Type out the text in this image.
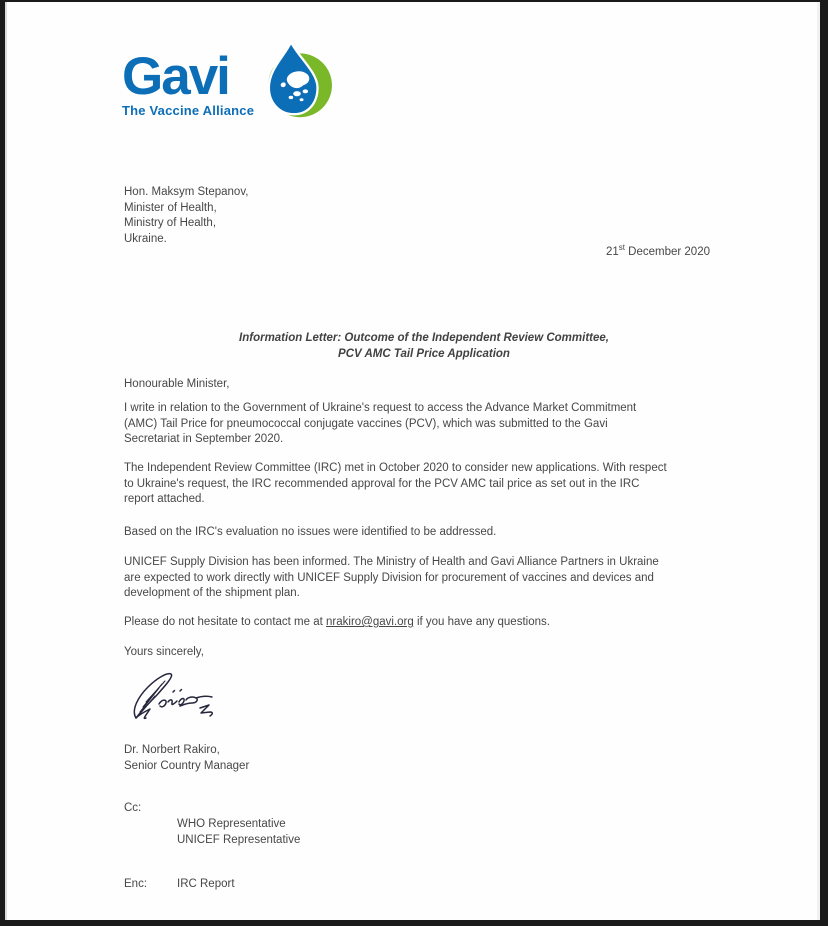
Gavi
The Vaccine Alliance
Hon. Maksym Stepanov,
Minister of Health,
Ministry of Health,
Ukraine.
21st December 2020
Information Letter: Outcome of the Independent Review Committee,
PCV AMC Tail Price Application
Honourable Minister,
I write in relation to the Government of Ukraine's request to access the Advance Market Commitment
(AMC) Tail Price for pneumococcal conjugate vaccines (PCV), which was submitted to the Gavi
Secretariat in September 2020.
The Independent Review Committee (IRC) met in October 2020 to consider new applications. With respect
to Ukraine's request, the IRC recommended approval for the PCV AMC tail price as set out in the IRC
report attached.
Based on the IRC's evaluation no issues were identified to be addressed.
UNICEF Supply Division has been informed. The Ministry of Health and Gavi Alliance Partners in Ukraine
are expected to work directly with UNICEF Supply Division for procurement of vaccines and devices and
development of the shipment plan.
Please do not hesitate to contact me at nrakiro@gavi.org if you have any questions.
Yours sincerely,
Dr. Norbert Rakiro,
Senior Country Manager
Cc:
WHO Representative
UNICEF Representative
Enc:	IRC Report
